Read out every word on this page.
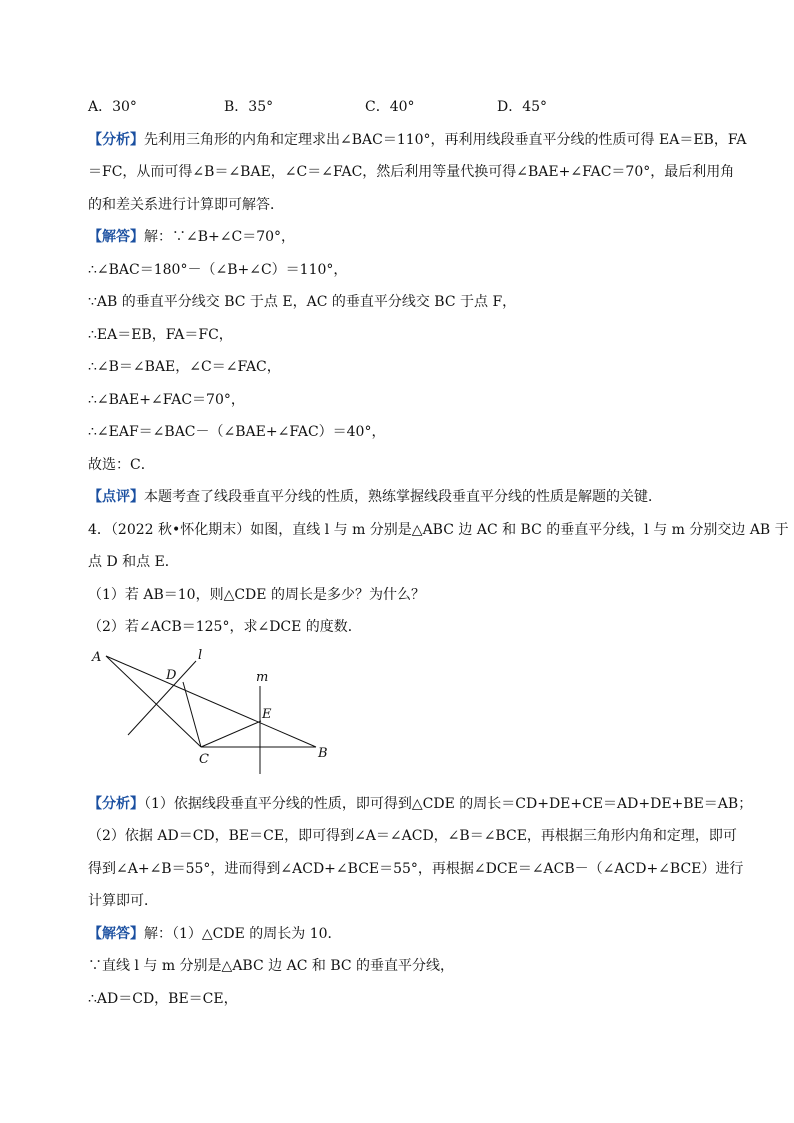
A．30°	B．35°	C．40°	D．45°
【分析】先利用三角形的内角和定理求出∠BAC＝110°，再利用线段垂直平分线的性质可得 EA＝EB，FA
＝FC，从而可得∠B＝∠BAE，∠C＝∠FAC，然后利用等量代换可得∠BAE+∠FAC＝70°，最后利用角
的和差关系进行计算即可解答．
【解答】解：∵∠B+∠C＝70°，
∴∠BAC＝180°－（∠B+∠C）＝110°，
∵AB 的垂直平分线交 BC 于点 E，AC 的垂直平分线交 BC 于点 F，
∴EA＝EB，FA＝FC，
∴∠B＝∠BAE，∠C＝∠FAC，
∴∠BAE+∠FAC＝70°，
∴∠EAF＝∠BAC－（∠BAE+∠FAC）＝40°，
故选：C．
【点评】本题考查了线段垂直平分线的性质，熟练掌握线段垂直平分线的性质是解题的关键．
4．（2022 秋•怀化期末）如图，直线 l 与 m 分别是△ABC 边 AC 和 BC 的垂直平分线，l 与 m 分别交边 AB 于
点 D 和点 E．
（1）若 AB＝10，则△CDE 的周长是多少？为什么？
（2）若∠ACB＝125°，求∠DCE 的度数．
A
D
l
m
E
C	B
【分析】（1）依据线段垂直平分线的性质，即可得到△CDE 的周长＝CD+DE+CE＝AD+DE+BE＝AB；
（2）依据 AD＝CD，BE＝CE，即可得到∠A＝∠ACD，∠B＝∠BCE，再根据三角形内角和定理，即可
得到∠A+∠B＝55°，进而得到∠ACD+∠BCE＝55°，再根据∠DCE＝∠ACB－（∠ACD+∠BCE）进行
计算即可．
【解答】解：（1）△CDE 的周长为 10．
∵直线 l 与 m 分别是△ABC 边 AC 和 BC 的垂直平分线，
∴AD＝CD，BE＝CE，
